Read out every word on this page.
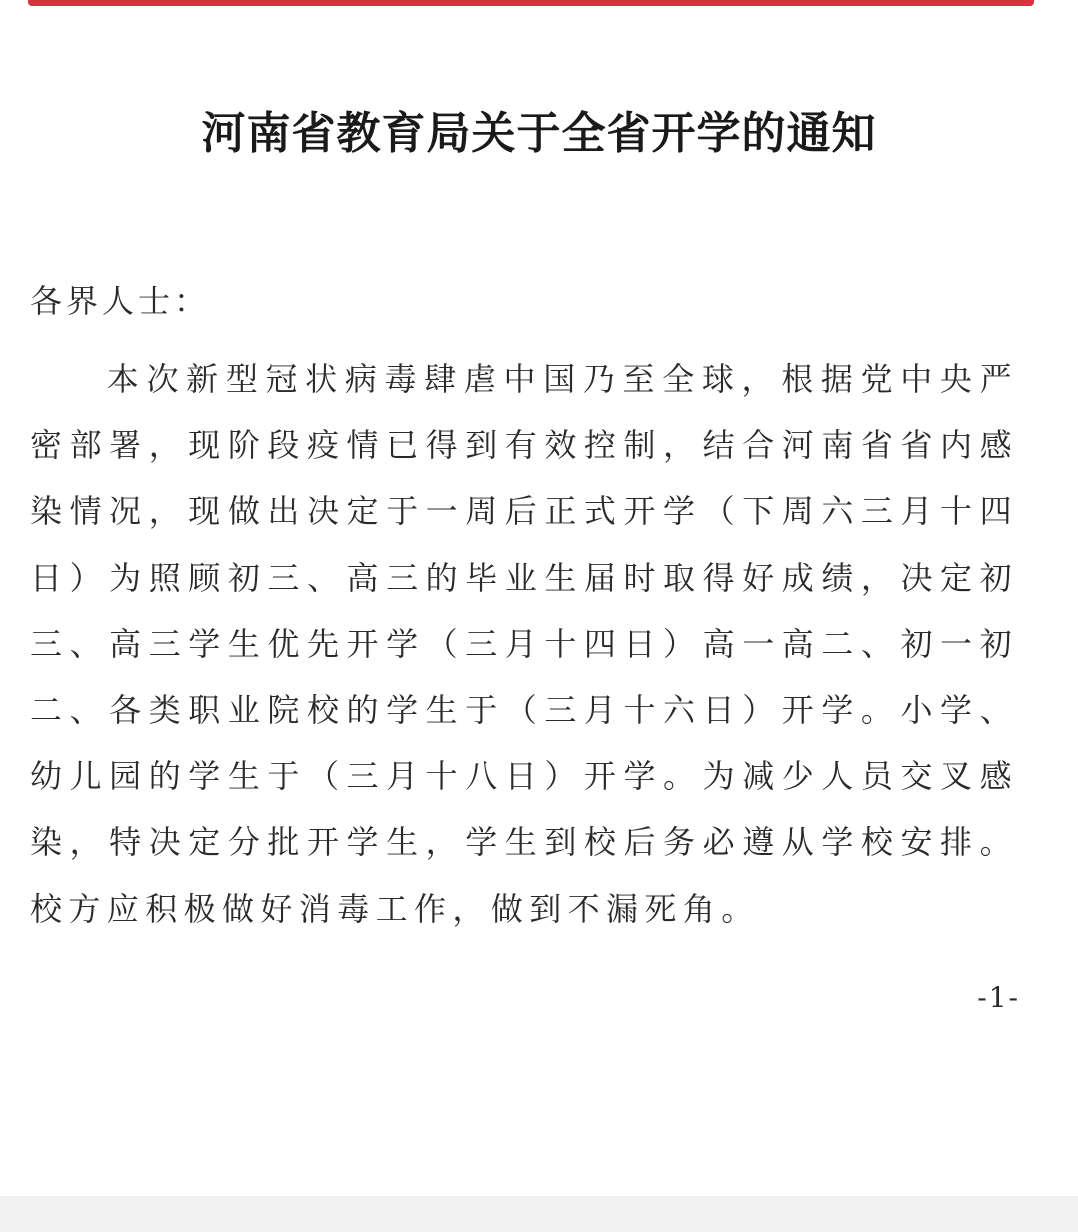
河南省教育局关于全省开学的通知

各界人士：

本次新型冠状病毒肆虐中国乃至全球，根据党中央严密部署，现阶段疫情已得到有效控制，结合河南省省内感染情况，现做出决定于一周后正式开学（下周六三月十四日）为照顾初三、高三的毕业生届时取得好成绩，决定初三、高三学生优先开学（三月十四日）高一高二、初一初二、各类职业院校的学生于（三月十六日）开学。小学、幼儿园的学生于（三月十八日）开学。为减少人员交叉感染，特决定分批开学生，学生到校后务必遵从学校安排。校方应积极做好消毒工作，做到不漏死角。

-1-
